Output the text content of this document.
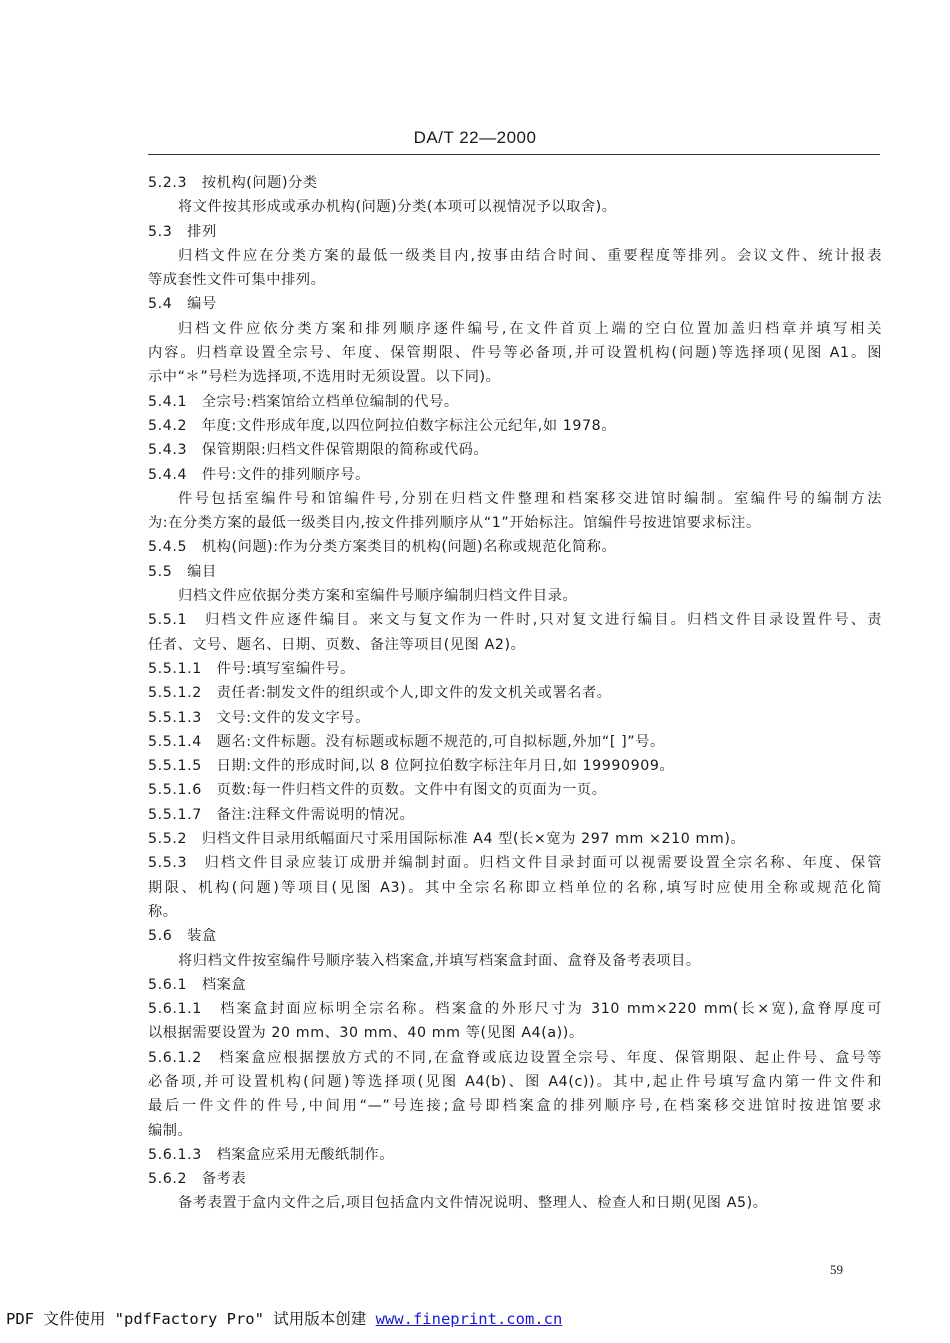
DA/T 22—2000
5.2.3　按机构(问题)分类
将文件按其形成或承办机构(问题)分类(本项可以视情况予以取舍)。
5.3　排列
归档文件应在分类方案的最低一级类目内,按事由结合时间、重要程度等排列。会议文件、统计报表
等成套性文件可集中排列。
5.4　编号
归档文件应依分类方案和排列顺序逐件编号,在文件首页上端的空白位置加盖归档章并填写相关
内容。归档章设置全宗号、年度、保管期限、件号等必备项,并可设置机构(问题)等选择项(见图 A1。图
示中“＊”号栏为选择项,不选用时无须设置。以下同)。
5.4.1　全宗号:档案馆给立档单位编制的代号。
5.4.2　年度:文件形成年度,以四位阿拉伯数字标注公元纪年,如 1978。
5.4.3　保管期限:归档文件保管期限的简称或代码。
5.4.4　件号:文件的排列顺序号。
件号包括室编件号和馆编件号,分别在归档文件整理和档案移交进馆时编制。室编件号的编制方法
为:在分类方案的最低一级类目内,按文件排列顺序从“1”开始标注。馆编件号按进馆要求标注。
5.4.5　机构(问题):作为分类方案类目的机构(问题)名称或规范化简称。
5.5　编目
归档文件应依据分类方案和室编件号顺序编制归档文件目录。
5.5.1　归档文件应逐件编目。来文与复文作为一件时,只对复文进行编目。归档文件目录设置件号、责
任者、文号、题名、日期、页数、备注等项目(见图 A2)。
5.5.1.1　件号:填写室编件号。
5.5.1.2　责任者:制发文件的组织或个人,即文件的发文机关或署名者。
5.5.1.3　文号:文件的发文字号。
5.5.1.4　题名:文件标题。没有标题或标题不规范的,可自拟标题,外加“[ ]”号。
5.5.1.5　日期:文件的形成时间,以 8 位阿拉伯数字标注年月日,如 19990909。
5.5.1.6　页数:每一件归档文件的页数。文件中有图文的页面为一页。
5.5.1.7　备注:注释文件需说明的情况。
5.5.2　归档文件目录用纸幅面尺寸采用国际标准 A4 型(长×宽为 297 mm ×210 mm)。
5.5.3　归档文件目录应装订成册并编制封面。归档文件目录封面可以视需要设置全宗名称、年度、保管
期限、机构(问题)等项目(见图 A3)。其中全宗名称即立档单位的名称,填写时应使用全称或规范化简
称。
5.6　装盒
将归档文件按室编件号顺序装入档案盒,并填写档案盒封面、盒脊及备考表项目。
5.6.1　档案盒
5.6.1.1　档案盒封面应标明全宗名称。档案盒的外形尺寸为 310 mm×220 mm(长×宽),盒脊厚度可
以根据需要设置为 20 mm、30 mm、40 mm 等(见图 A4(a))。
5.6.1.2　档案盒应根据摆放方式的不同,在盒脊或底边设置全宗号、年度、保管期限、起止件号、盒号等
必备项,并可设置机构(问题)等选择项(见图 A4(b)、图 A4(c))。其中,起止件号填写盒内第一件文件和
最后一件文件的件号,中间用“—”号连接;盒号即档案盒的排列顺序号,在档案移交进馆时按进馆要求
编制。
5.6.1.3　档案盒应采用无酸纸制作。
5.6.2　备考表
备考表置于盒内文件之后,项目包括盒内文件情况说明、整理人、检查人和日期(见图 A5)。
59
PDF 文件使用 "pdfFactory Pro" 试用版本创建 www.fineprint.com.cn
